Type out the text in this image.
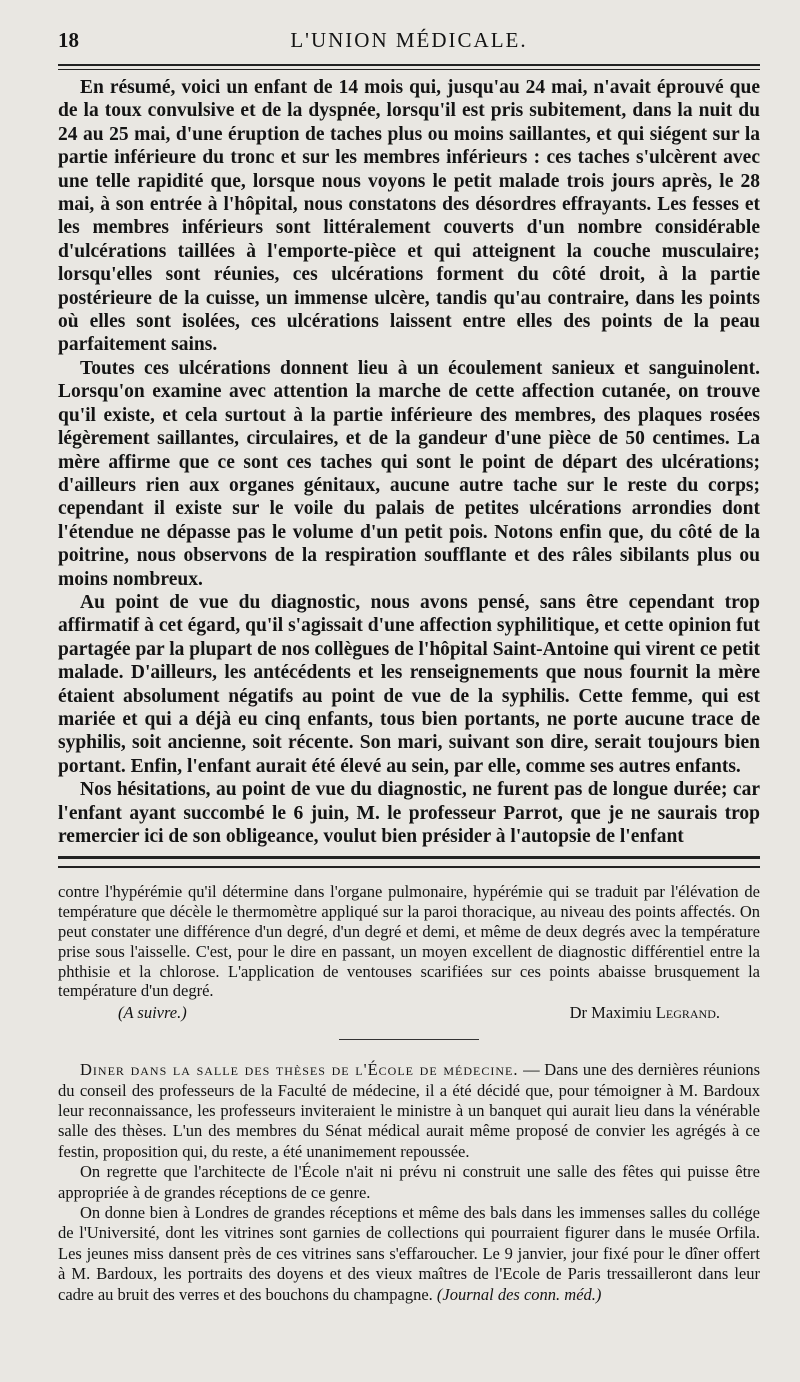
18	L'UNION MÉDICALE.

En résumé, voici un enfant de 14 mois qui, jusqu'au 24 mai, n'avait éprouvé que de la toux convulsive et de la dyspnée, lorsqu'il est pris subitement, dans la nuit du 24 au 25 mai, d'une éruption de taches plus ou moins saillantes, et qui siégent sur la partie inférieure du tronc et sur les membres inférieurs : ces taches s'ulcèrent avec une telle rapidité que, lorsque nous voyons le petit malade trois jours après, le 28 mai, à son entrée à l'hôpital, nous constatons des désordres effrayants. Les fesses et les membres inférieurs sont littéralement couverts d'un nombre considérable d'ulcérations taillées à l'emporte-pièce et qui atteignent la couche musculaire; lorsqu'elles sont réunies, ces ulcérations forment du côté droit, à la partie postérieure de la cuisse, un immense ulcère, tandis qu'au contraire, dans les points où elles sont isolées, ces ulcérations laissent entre elles des points de la peau parfaitement sains.

Toutes ces ulcérations donnent lieu à un écoulement sanieux et sanguinolent. Lorsqu'on examine avec attention la marche de cette affection cutanée, on trouve qu'il existe, et cela surtout à la partie inférieure des membres, des plaques rosées légèrement saillantes, circulaires, et de la gandeur d'une pièce de 50 centimes. La mère affirme que ce sont ces taches qui sont le point de départ des ulcérations; d'ailleurs rien aux organes génitaux, aucune autre tache sur le reste du corps; cependant il existe sur le voile du palais de petites ulcérations arrondies dont l'étendue ne dépasse pas le volume d'un petit pois. Notons enfin que, du côté de la poitrine, nous observons de la respiration soufflante et des râles sibilants plus ou moins nombreux.

Au point de vue du diagnostic, nous avons pensé, sans être cependant trop affirmatif à cet égard, qu'il s'agissait d'une affection syphilitique, et cette opinion fut partagée par la plupart de nos collègues de l'hôpital Saint-Antoine qui virent ce petit malade. D'ailleurs, les antécédents et les renseignements que nous fournit la mère étaient absolument négatifs au point de vue de la syphilis. Cette femme, qui est mariée et qui a déjà eu cinq enfants, tous bien portants, ne porte aucune trace de syphilis, soit ancienne, soit récente. Son mari, suivant son dire, serait toujours bien portant. Enfin, l'enfant aurait été élevé au sein, par elle, comme ses autres enfants.

Nos hésitations, au point de vue du diagnostic, ne furent pas de longue durée; car l'enfant ayant succombé le 6 juin, M. le professeur Parrot, que je ne saurais trop remercier ici de son obligeance, voulut bien présider à l'autopsie de l'enfant

contre l'hypérémie qu'il détermine dans l'organe pulmonaire, hypérémie qui se traduit par l'élévation de température que décèle le thermomètre appliqué sur la paroi thoracique, au niveau des points affectés. On peut constater une différence d'un degré, d'un degré et demi, et même de deux degrés avec la température prise sous l'aisselle. C'est, pour le dire en passant, un moyen excellent de diagnostic différentiel entre la phthisie et la chlorose. L'application de ventouses scarifiées sur ces points abaisse brusquement la température d'un degré.

(A suivre.)	Dr Maximiu Legrand.

Diner dans la salle des thèses de l'École de médecine. — Dans une des dernières réunions du conseil des professeurs de la Faculté de médecine, il a été décidé que, pour témoigner à M. Bardoux leur reconnaissance, les professeurs inviteraient le ministre à un banquet qui aurait lieu dans la vénérable salle des thèses. L'un des membres du Sénat médical aurait même proposé de convier les agrégés à ce festin, proposition qui, du reste, a été unanimement repoussée.

On regrette que l'architecte de l'École n'ait ni prévu ni construit une salle des fêtes qui puisse être appropriée à de grandes réceptions de ce genre.

On donne bien à Londres de grandes réceptions et même des bals dans les immenses salles du collége de l'Université, dont les vitrines sont garnies de collections qui pourraient figurer dans le musée Orfila. Les jeunes miss dansent près de ces vitrines sans s'effaroucher. Le 9 janvier, jour fixé pour le dîner offert à M. Bardoux, les portraits des doyens et des vieux maîtres de l'Ecole de Paris tressailleront dans leur cadre au bruit des verres et des bouchons du champagne. (Journal des conn. méd.)
